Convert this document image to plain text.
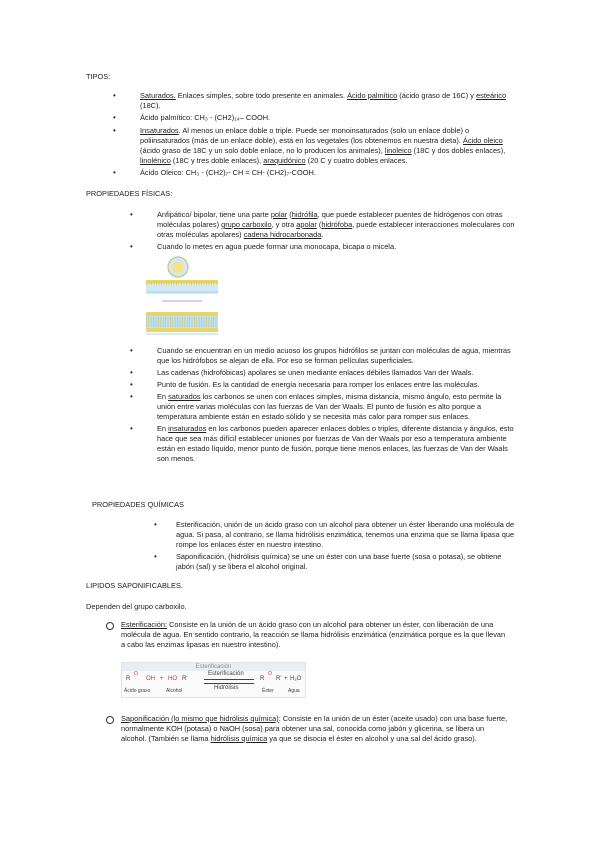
TIPOS:
•	Saturados. Enlaces simples, sobre todo presente en animales. Ácido palmítico (ácido graso de 16C) y esteárico (18C).
•	Ácido palmítico: CH₃ - (CH2)₁₄– COOH.
•	Insaturados. Al menos un enlace doble o triple. Puede ser monoinsaturados (solo un enlace doble) o poliinsaturados (más de un enlace doble), está en los vegetales (los obtenemos en nuestra dieta). Ácido oleico (ácido graso de 18C y un solo doble enlace, no lo producen los animales), linoleico (18C y dos dobles enlaces), linolénico (18C y tres doble enlaces), araquidónico (20 C y cuatro dobles enlaces.
•	Ácido Oleico: CH₃ - (CH2)₇- CH = CH- (CH2)₇-COOH.
PROPIEDADES FÍSICAS:
•	Anfipático/ bipolar, tiene una parte polar (hidrófila, que puede establecer puentes de hidrógenos con otras moléculas polares) grupo carboxilo, y otra apolar (hidrófoba, puede establecer interacciones moleculares con otras moléculas apolares) cadena hidrocarbonada.
•	Cuando lo metes en agua puede formar una monocapa, bicapa o micela.
•	Cuando se encuentran en un medio acuoso los grupos hidrófilos se juntan con moléculas de agua, mientras que los hidrófobos se alejan de ella. Por eso se forman películas superficiales.
•	Las cadenas (hidrofóbicas) apolares se unen mediante enlaces débiles llamados Van der Waals.
•	Punto de fusión. Es la cantidad de energía necesaria para romper los enlaces entre las moléculas.
•	En saturados los carbonos se unen con enlaces simples, misma distancia, mismo ángulo, esto permite la unión entre varias moléculas con las fuerzas de Van der Waals. El punto de fusión es alto porque a temperatura ambiente están en estado sólido y se necesita más calor para romper sus enlaces.
•	En insaturados en los carbonos pueden aparecer enlaces dobles o triples, diferente distancia y ángulos, esto hace que sea más difícil establecer uniones por fuerzas de Van der Waals por eso a temperatura ambiente están en estado líquido, menor punto de fusión, porque tiene menos enlaces, las fuerzas de Van der Waals son menos.
PROPIEDADES QUÍMICAS
•	Esterificación, unión de un ácido graso con un alcohol para obtener un éster liberando una molécula de agua. Si pasa, al contrario, se llama hidrólisis enzimática, tenemos una enzima que se llama lipasa que rompe los enlaces éster en nuestro intestino.
•	Saponificación, (hidrólisis química) se une un éster con una base fuerte (sosa o potasa), se obtiene jabón (sal) y se libera el alcohol original.
LIPIDOS SAPONIFICABLES.
Dependen del grupo carboxilo.
Esterificación: Consiste en la unión de un ácido graso con un alcohol para obtener un éster, con liberación de una molécula de agua. En sentido contrario, la reacción se llama hidrólisis enzimática (enzimática porque es la que llevan a cabo las enzimas lipasas en nuestro intestino).
Esterificación
R
O
OH + HO R'
Esterificación
Hidrólisis
R
O
R' + H₂O
Ácido graso	Alcohol	Éster	Agua
Saponificación (lo mismo que hidrólisis química): Consiste en la unión de un éster (aceite usado) con una base fuerte, normalmente KOH (potasa) o NaOH (sosa) para obtener una sal, conocida como jabón y glicerina, se libera un alcohol. (También se llama hidrólisis química ya que se disocia el éster en alcohol y una sal del ácido graso).
